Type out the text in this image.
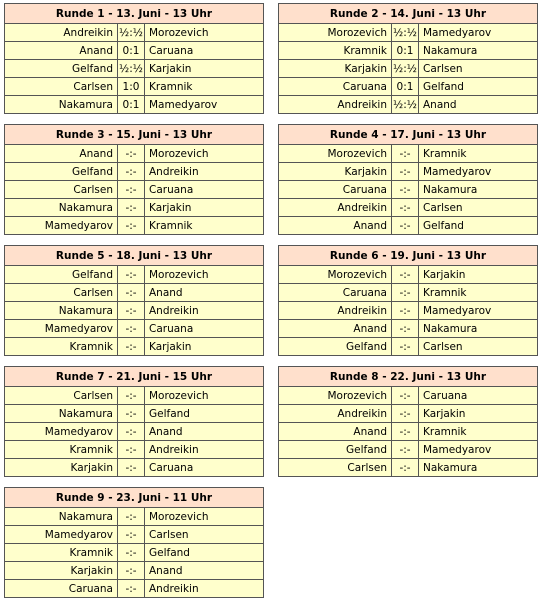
Runde 1 - 13. Juni - 13 Uhr		
Andreikin	½:½	Morozevich
Anand	0:1	Caruana
Gelfand	½:½	Karjakin
Carlsen	1:0	Kramnik
Nakamura	0:1	Mamedyarov
Runde 2 - 14. Juni - 13 Uhr		
Morozevich	½:½	Mamedyarov
Kramnik	0:1	Nakamura
Karjakin	½:½	Carlsen
Caruana	0:1	Gelfand
Andreikin	½:½	Anand
Runde 3 - 15. Juni - 13 Uhr		
Anand	-:-	Morozevich
Gelfand	-:-	Andreikin
Carlsen	-:-	Caruana
Nakamura	-:-	Karjakin
Mamedyarov	-:-	Kramnik
Runde 4 - 17. Juni - 13 Uhr		
Morozevich	-:-	Kramnik
Karjakin	-:-	Mamedyarov
Caruana	-:-	Nakamura
Andreikin	-:-	Carlsen
Anand	-:-	Gelfand
Runde 5 - 18. Juni - 13 Uhr		
Gelfand	-:-	Morozevich
Carlsen	-:-	Anand
Nakamura	-:-	Andreikin
Mamedyarov	-:-	Caruana
Kramnik	-:-	Karjakin
Runde 6 - 19. Juni - 13 Uhr		
Morozevich	-:-	Karjakin
Caruana	-:-	Kramnik
Andreikin	-:-	Mamedyarov
Anand	-:-	Nakamura
Gelfand	-:-	Carlsen
Runde 7 - 21. Juni - 15 Uhr		
Carlsen	-:-	Morozevich
Nakamura	-:-	Gelfand
Mamedyarov	-:-	Anand
Kramnik	-:-	Andreikin
Karjakin	-:-	Caruana
Runde 8 - 22. Juni - 13 Uhr		
Morozevich	-:-	Caruana
Andreikin	-:-	Karjakin
Anand	-:-	Kramnik
Gelfand	-:-	Mamedyarov
Carlsen	-:-	Nakamura
Runde 9 - 23. Juni - 11 Uhr		
Nakamura	-:-	Morozevich
Mamedyarov	-:-	Carlsen
Kramnik	-:-	Gelfand
Karjakin	-:-	Anand
Caruana	-:-	Andreikin
